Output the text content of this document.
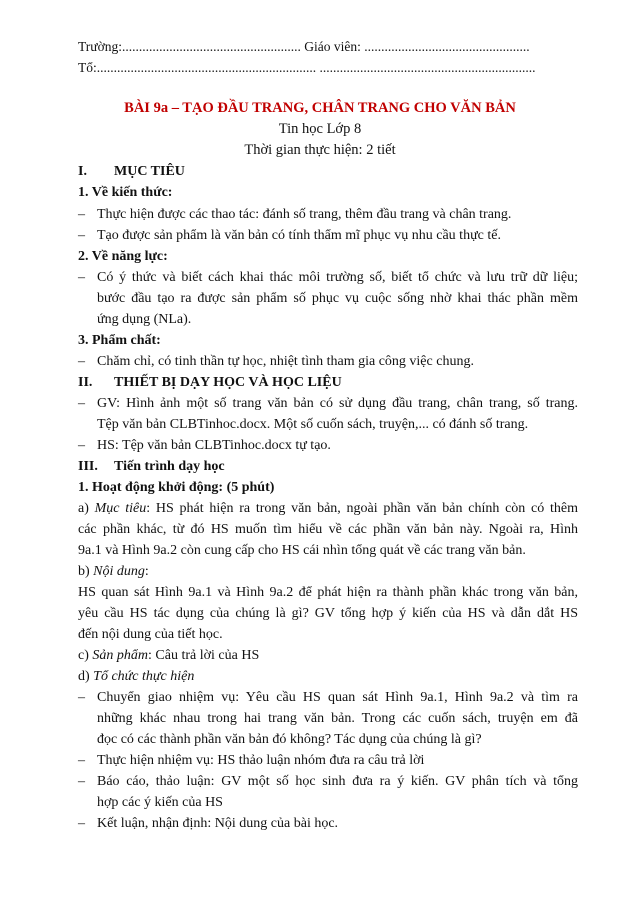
Trường:..................................................... Giáo viên: .................................................
Tổ:................................................................. ................................................................
BÀI 9a – TẠO ĐẦU TRANG, CHÂN TRANG CHO VĂN BẢN
Tin học Lớp 8
Thời gian thực hiện: 2 tiết
I. MỤC TIÊU
1. Về kiến thức:
– Thực hiện được các thao tác: đánh số trang, thêm đầu trang và chân trang.
– Tạo được sản phẩm là văn bản có tính thẩm mĩ phục vụ nhu cầu thực tế.
2. Về năng lực:
– Có ý thức và biết cách khai thác môi trường số, biết tổ chức và lưu trữ dữ liệu;
bước đầu tạo ra được sản phẩm số phục vụ cuộc sống nhờ khai thác phần mềm
ứng dụng (NLa).
3. Phẩm chất:
– Chăm chỉ, có tinh thần tự học, nhiệt tình tham gia công việc chung.
II. THIẾT BỊ DẠY HỌC VÀ HỌC LIỆU
– GV: Hình ảnh một số trang văn bản có sử dụng đầu trang, chân trang, số trang.
Tệp văn bản CLBTinhoc.docx. Một số cuốn sách, truyện,... có đánh số trang.
– HS: Tệp văn bản CLBTinhoc.docx tự tạo.
III. Tiến trình dạy học
1. Hoạt động khởi động: (5 phút)
a) Mục tiêu: HS phát hiện ra trong văn bản, ngoài phần văn bản chính còn có thêm
các phần khác, từ đó HS muốn tìm hiểu về các phần văn bản này. Ngoài ra, Hình
9a.1 và Hình 9a.2 còn cung cấp cho HS cái nhìn tổng quát về các trang văn bản.
b) Nội dung:
HS quan sát Hình 9a.1 và Hình 9a.2 để phát hiện ra thành phần khác trong văn bản,
yêu cầu HS tác dụng của chúng là gì? GV tổng hợp ý kiến của HS và dẫn dắt HS
đến nội dung của tiết học.
c) Sản phẩm: Câu trả lời của HS
d) Tổ chức thực hiện
– Chuyển giao nhiệm vụ: Yêu cầu HS quan sát Hình 9a.1, Hình 9a.2 và tìm ra
những khác nhau trong hai trang văn bản. Trong các cuốn sách, truyện em đã
đọc có các thành phần văn bản đó không? Tác dụng của chúng là gì?
– Thực hiện nhiệm vụ: HS thảo luận nhóm đưa ra câu trả lời
– Báo cáo, thảo luận: GV một số học sinh đưa ra ý kiến. GV phân tích và tổng
hợp các ý kiến của HS
– Kết luận, nhận định: Nội dung của bài học.
